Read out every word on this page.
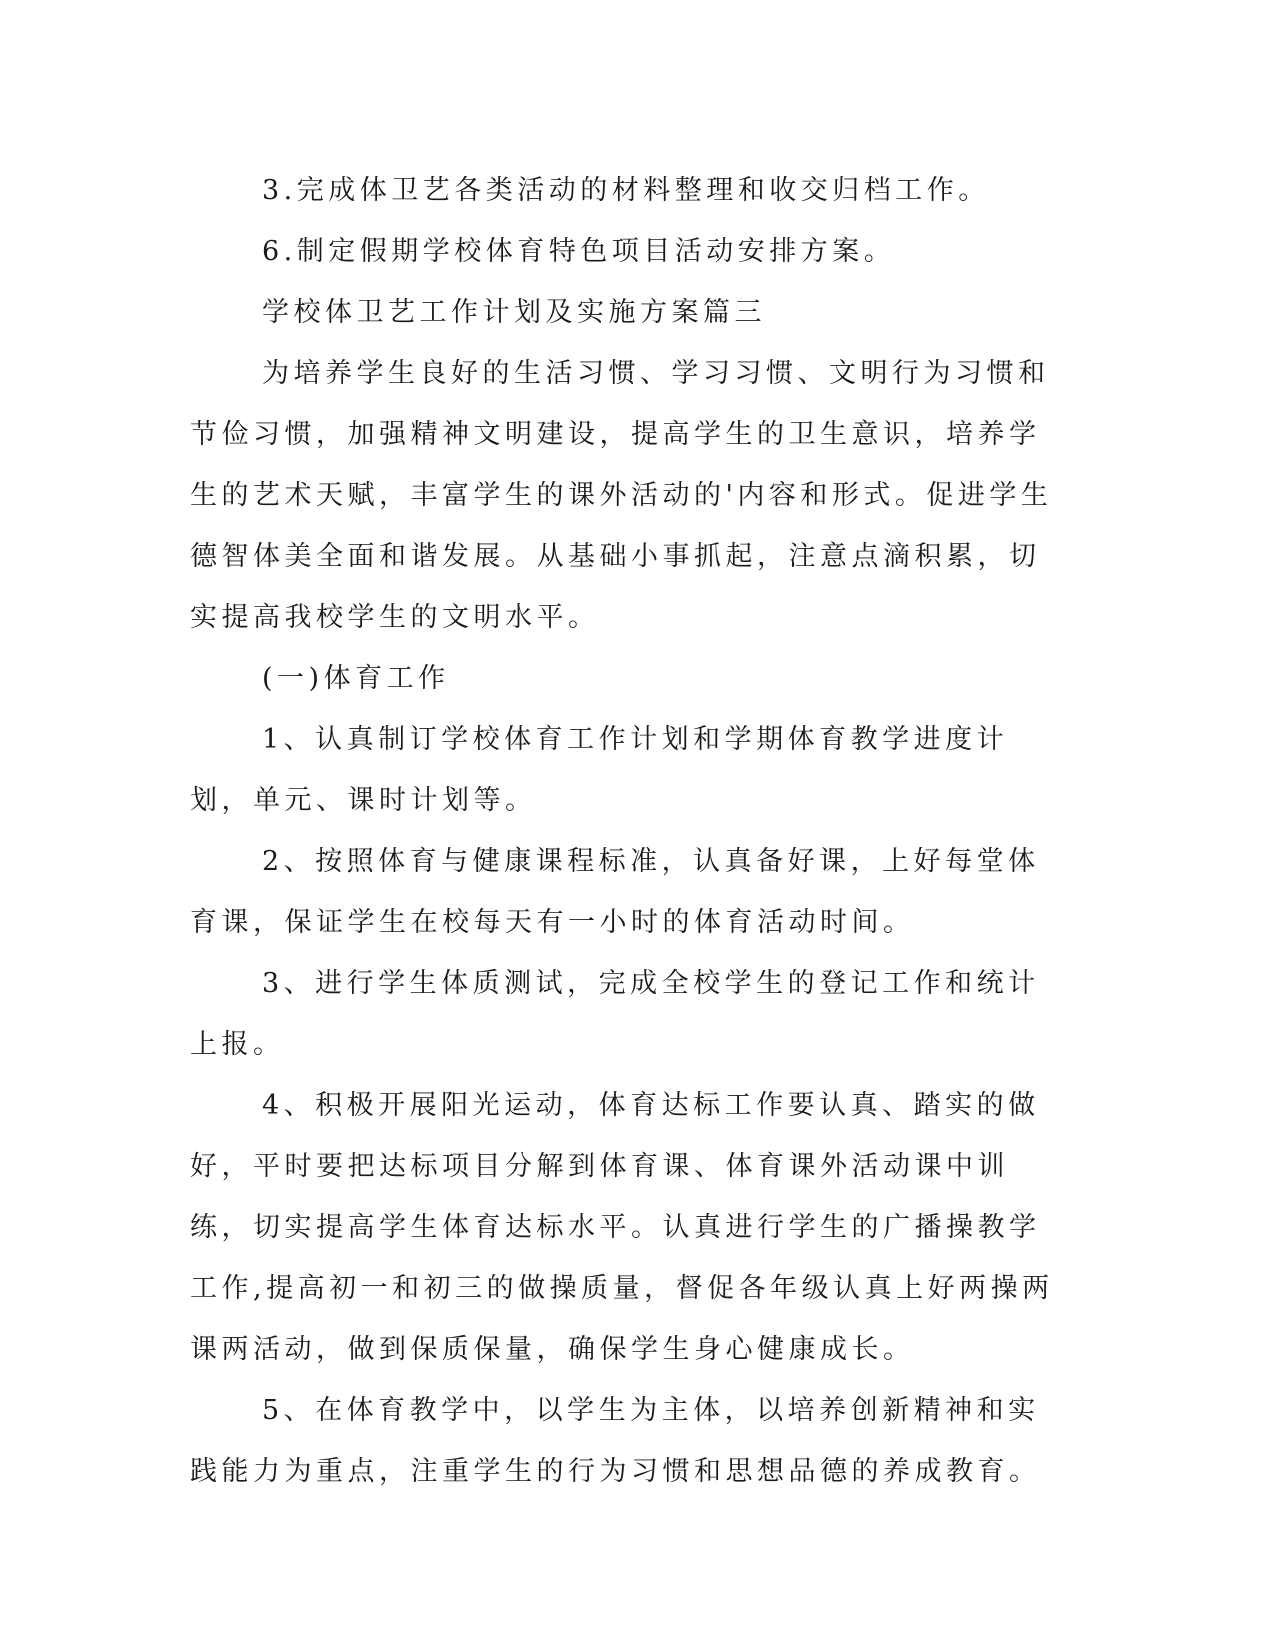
3.完成体卫艺各类活动的材料整理和收交归档工作。

6.制定假期学校体育特色项目活动安排方案。

学校体卫艺工作计划及实施方案篇三

为培养学生良好的生活习惯、学习习惯、文明行为习惯和节俭习惯，加强精神文明建设，提高学生的卫生意识，培养学生的艺术天赋，丰富学生的课外活动的'内容和形式。促进学生德智体美全面和谐发展。从基础小事抓起，注意点滴积累，切实提高我校学生的文明水平。

(一)体育工作

1、认真制订学校体育工作计划和学期体育教学进度计划，单元、课时计划等。

2、按照体育与健康课程标准，认真备好课，上好每堂体育课，保证学生在校每天有一小时的体育活动时间。

3、进行学生体质测试，完成全校学生的登记工作和统计上报。

4、积极开展阳光运动，体育达标工作要认真、踏实的做好，平时要把达标项目分解到体育课、体育课外活动课中训练，切实提高学生体育达标水平。认真进行学生的广播操教学工作,提高初一和初三的做操质量，督促各年级认真上好两操两课两活动，做到保质保量，确保学生身心健康成长。

5、在体育教学中，以学生为主体，以培养创新精神和实践能力为重点，注重学生的行为习惯和思想品德的养成教育。
